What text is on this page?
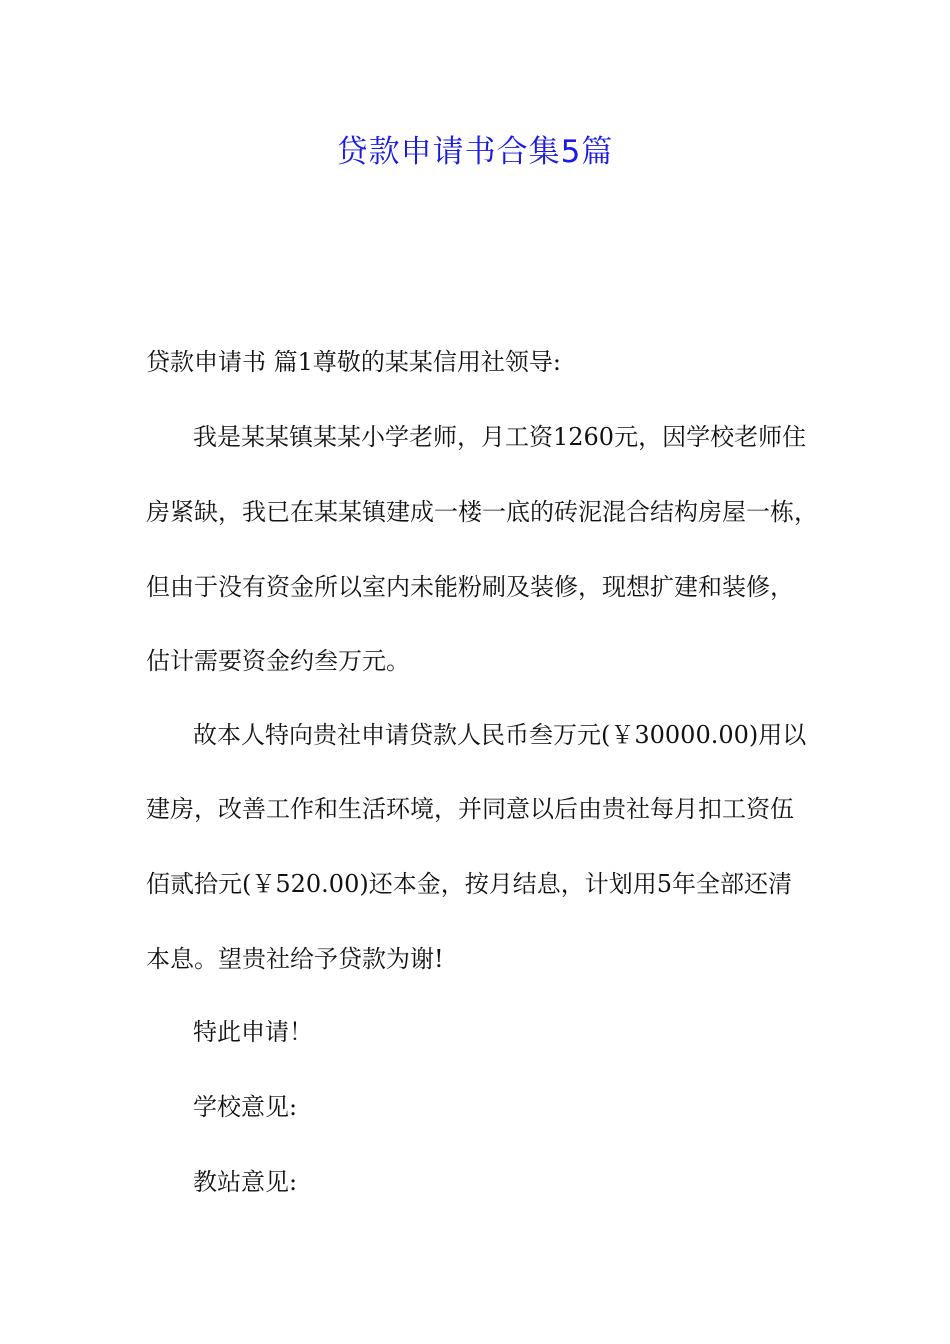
贷款申请书合集5篇

贷款申请书 篇1尊敬的某某信用社领导:

我是某某镇某某小学老师，月工资1260元，因学校老师住

房紧缺，我已在某某镇建成一楼一底的砖泥混合结构房屋一栋，

但由于没有资金所以室内未能粉刷及装修，现想扩建和装修，

估计需要资金约叁万元。

故本人特向贵社申请贷款人民币叁万元(￥30000.00)用以

建房，改善工作和生活环境，并同意以后由贵社每月扣工资伍

佰贰拾元(￥520.00)还本金，按月结息，计划用5年全部还清

本息。望贵社给予贷款为谢!

特此申请！

学校意见:

教站意见:
